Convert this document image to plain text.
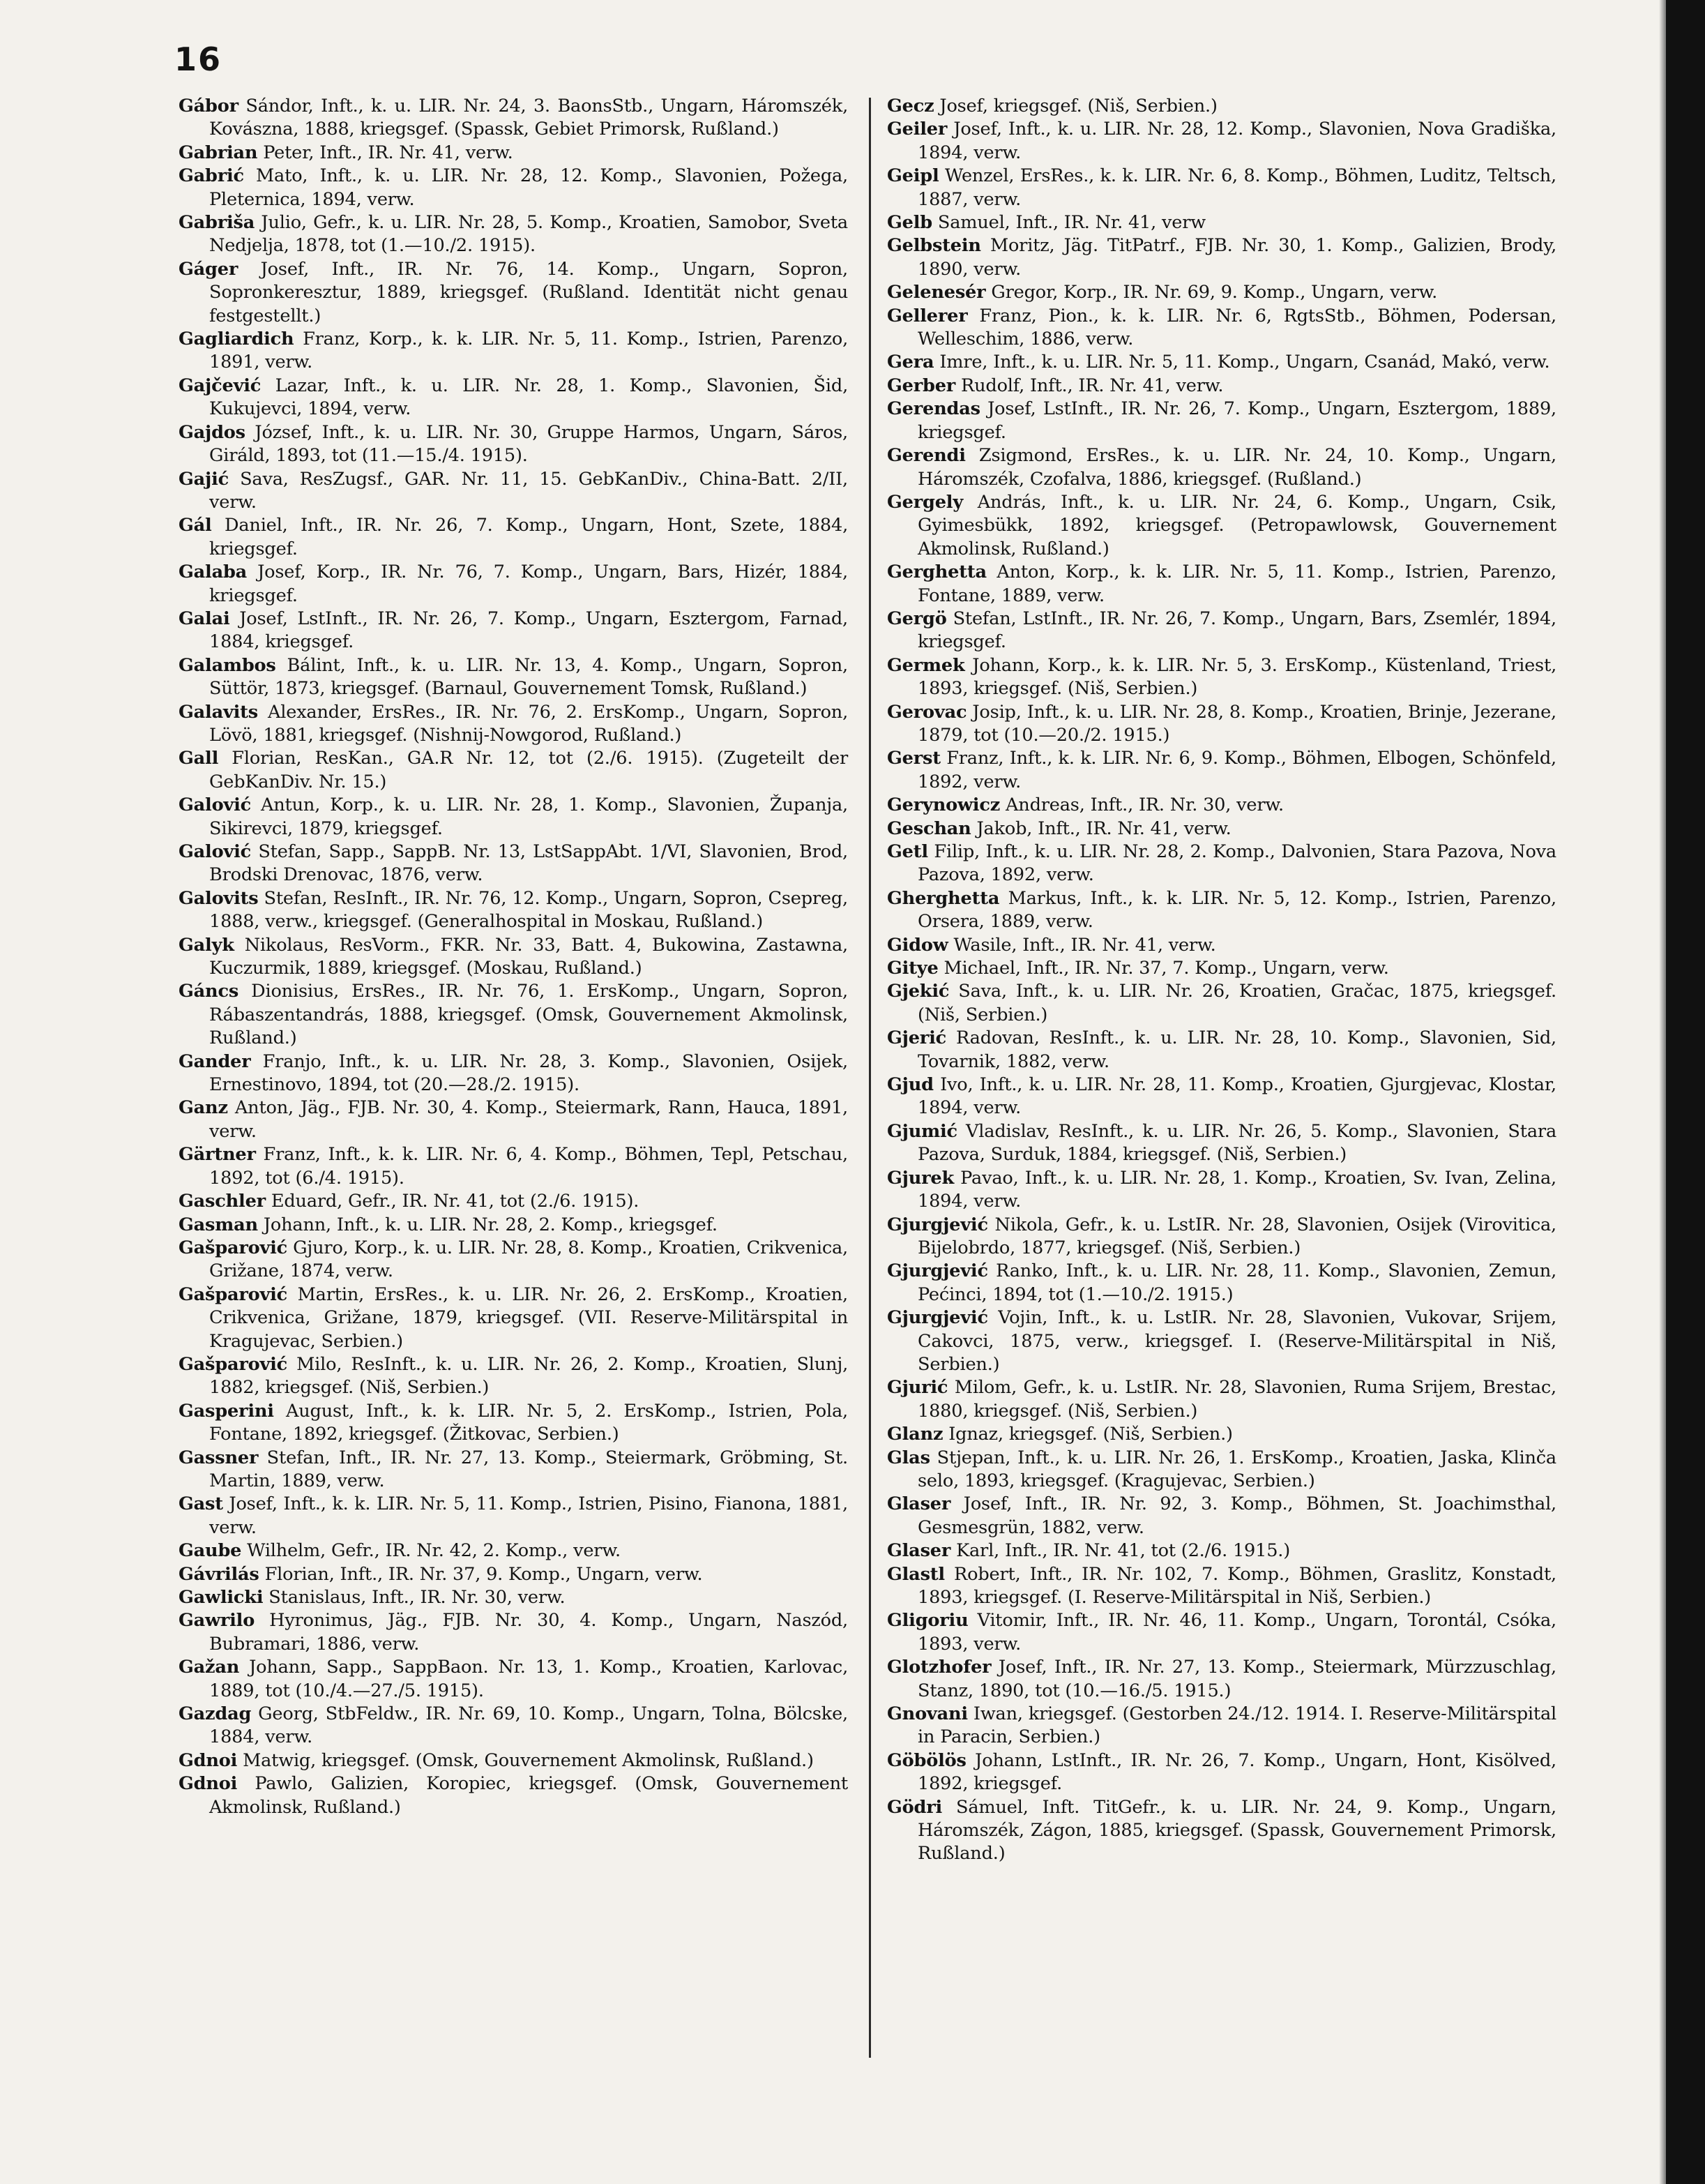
16

Gábor Sándor, Inft., k. u. LIR. Nr. 24, 3. BaonsStb., Ungarn, Háromszék, Kovászna, 1888, kriegsgef. (Spassk, Gebiet Primorsk, Rußland.)

Gabrian Peter, Inft., IR. Nr. 41, verw.

Gabrić Mato, Inft., k. u. LIR. Nr. 28, 12. Komp., Slavonien, Požega, Pleternica, 1894, verw.

Gabriša Julio, Gefr., k. u. LIR. Nr. 28, 5. Komp., Kroatien, Samobor, Sveta Nedjelja, 1878, tot (1.—10./2. 1915).

Gáger Josef, Inft., IR. Nr. 76, 14. Komp., Ungarn, Sopron, Sopronkeresztur, 1889, kriegsgef. (Rußland. Identität nicht genau festgestellt.)

Gagliardich Franz, Korp., k. k. LIR. Nr. 5, 11. Komp., Istrien, Parenzo, 1891, verw.

Gajčević Lazar, Inft., k. u. LIR. Nr. 28, 1. Komp., Slavonien, Šid, Kukujevci, 1894, verw.

Gajdos József, Inft., k. u. LIR. Nr. 30, Gruppe Harmos, Ungarn, Sáros, Giráld, 1893, tot (11.—15./4. 1915).

Gajić Sava, ResZugsf., GAR. Nr. 11, 15. GebKanDiv., China-Batt. 2/II, verw.

Gál Daniel, Inft., IR. Nr. 26, 7. Komp., Ungarn, Hont, Szete, 1884, kriegsgef.

Galaba Josef, Korp., IR. Nr. 76, 7. Komp., Ungarn, Bars, Hizér, 1884, kriegsgef.

Galai Josef, LstInft., IR. Nr. 26, 7. Komp., Ungarn, Esztergom, Farnad, 1884, kriegsgef.

Galambos Bálint, Inft., k. u. LIR. Nr. 13, 4. Komp., Ungarn, Sopron, Süttör, 1873, kriegsgef. (Barnaul, Gouvernement Tomsk, Rußland.)

Galavits Alexander, ErsRes., IR. Nr. 76, 2. ErsKomp., Ungarn, Sopron, Lövö, 1881, kriegsgef. (Nishnij-Nowgorod, Rußland.)

Gall Florian, ResKan., GA.R Nr. 12, tot (2./6. 1915). (Zugeteilt der GebKanDiv. Nr. 15.)

Galović Antun, Korp., k. u. LIR. Nr. 28, 1. Komp., Slavonien, Županja, Sikirevci, 1879, kriegsgef.

Galović Stefan, Sapp., SappB. Nr. 13, LstSappAbt. 1/VI, Slavonien, Brod, Brodski Drenovac, 1876, verw.

Galovits Stefan, ResInft., IR. Nr. 76, 12. Komp., Ungarn, Sopron, Csepreg, 1888, verw., kriegsgef. (Generalhospital in Moskau, Rußland.)

Galyk Nikolaus, ResVorm., FKR. Nr. 33, Batt. 4, Bukowina, Zastawna, Kuczurmik, 1889, kriegsgef. (Moskau, Rußland.)

Gáncs Dionisius, ErsRes., IR. Nr. 76, 1. ErsKomp., Ungarn, Sopron, Rábaszentandrás, 1888, kriegsgef. (Omsk, Gouvernement Akmolinsk, Rußland.)

Gander Franjo, Inft., k. u. LIR. Nr. 28, 3. Komp., Slavonien, Osijek, Ernestinovo, 1894, tot (20.—28./2. 1915).

Ganz Anton, Jäg., FJB. Nr. 30, 4. Komp., Steiermark, Rann, Hauca, 1891, verw.

Gärtner Franz, Inft., k. k. LIR. Nr. 6, 4. Komp., Böhmen, Tepl, Petschau, 1892, tot (6./4. 1915).

Gaschler Eduard, Gefr., IR. Nr. 41, tot (2./6. 1915).

Gasman Johann, Inft., k. u. LIR. Nr. 28, 2. Komp., kriegsgef.

Gašparović Gjuro, Korp., k. u. LIR. Nr. 28, 8. Komp., Kroatien, Crikvenica, Grižane, 1874, verw.

Gašparović Martin, ErsRes., k. u. LIR. Nr. 26, 2. ErsKomp., Kroatien, Crikvenica, Grižane, 1879, kriegsgef. (VII. Reserve-Militärspital in Kragujevac, Serbien.)

Gašparović Milo, ResInft., k. u. LIR. Nr. 26, 2. Komp., Kroatien, Slunj, 1882, kriegsgef. (Niš, Serbien.)

Gasperini August, Inft., k. k. LIR. Nr. 5, 2. ErsKomp., Istrien, Pola, Fontane, 1892, kriegsgef. (Žitkovac, Serbien.)

Gassner Stefan, Inft., IR. Nr. 27, 13. Komp., Steiermark, Gröbming, St. Martin, 1889, verw.

Gast Josef, Inft., k. k. LIR. Nr. 5, 11. Komp., Istrien, Pisino, Fianona, 1881, verw.

Gaube Wilhelm, Gefr., IR. Nr. 42, 2. Komp., verw.

Gávrilás Florian, Inft., IR. Nr. 37, 9. Komp., Ungarn, verw.

Gawlicki Stanislaus, Inft., IR. Nr. 30, verw.

Gawrilo Hyronimus, Jäg., FJB. Nr. 30, 4. Komp., Ungarn, Naszód, Bubramari, 1886, verw.

Gažan Johann, Sapp., SappBaon. Nr. 13, 1. Komp., Kroatien, Karlovac, 1889, tot (10./4.—27./5. 1915).

Gazdag Georg, StbFeldw., IR. Nr. 69, 10. Komp., Ungarn, Tolna, Bölcske, 1884, verw.

Gdnoi Matwig, kriegsgef. (Omsk, Gouvernement Akmolinsk, Rußland.)

Gdnoi Pawlo, Galizien, Koropiec, kriegsgef. (Omsk, Gouvernement Akmolinsk, Rußland.)

Gecz Josef, kriegsgef. (Niš, Serbien.)

Geiler Josef, Inft., k. u. LIR. Nr. 28, 12. Komp., Slavonien, Nova Gradiška, 1894, verw.

Geipl Wenzel, ErsRes., k. k. LIR. Nr. 6, 8. Komp., Böhmen, Luditz, Teltsch, 1887, verw.

Gelb Samuel, Inft., IR. Nr. 41, verw

Gelbstein Moritz, Jäg. TitPatrf., FJB. Nr. 30, 1. Komp., Galizien, Brody, 1890, verw.

Gelenesér Gregor, Korp., IR. Nr. 69, 9. Komp., Ungarn, verw.

Gellerer Franz, Pion., k. k. LIR. Nr. 6, RgtsStb., Böhmen, Podersan, Welleschim, 1886, verw.

Gera Imre, Inft., k. u. LIR. Nr. 5, 11. Komp., Ungarn, Csanád, Makó, verw.

Gerber Rudolf, Inft., IR. Nr. 41, verw.

Gerendas Josef, LstInft., IR. Nr. 26, 7. Komp., Ungarn, Esztergom, 1889, kriegsgef.

Gerendi Zsigmond, ErsRes., k. u. LIR. Nr. 24, 10. Komp., Ungarn, Háromszék, Czofalva, 1886, kriegsgef. (Rußland.)

Gergely András, Inft., k. u. LIR. Nr. 24, 6. Komp., Ungarn, Csik, Gyimesbükk, 1892, kriegsgef. (Petropawlowsk, Gouvernement Akmolinsk, Rußland.)

Gerghetta Anton, Korp., k. k. LIR. Nr. 5, 11. Komp., Istrien, Parenzo, Fontane, 1889, verw.

Gergö Stefan, LstInft., IR. Nr. 26, 7. Komp., Ungarn, Bars, Zsemlér, 1894, kriegsgef.

Germek Johann, Korp., k. k. LIR. Nr. 5, 3. ErsKomp., Küstenland, Triest, 1893, kriegsgef. (Niš, Serbien.)

Gerovac Josip, Inft., k. u. LIR. Nr. 28, 8. Komp., Kroatien, Brinje, Jezerane, 1879, tot (10.—20./2. 1915.)

Gerst Franz, Inft., k. k. LIR. Nr. 6, 9. Komp., Böhmen, Elbogen, Schönfeld, 1892, verw.

Gerynowicz Andreas, Inft., IR. Nr. 30, verw.

Geschan Jakob, Inft., IR. Nr. 41, verw.

Getl Filip, Inft., k. u. LIR. Nr. 28, 2. Komp., Dalvonien, Stara Pazova, Nova Pazova, 1892, verw.

Gherghetta Markus, Inft., k. k. LIR. Nr. 5, 12. Komp., Istrien, Parenzo, Orsera, 1889, verw.

Gidow Wasile, Inft., IR. Nr. 41, verw.

Gitye Michael, Inft., IR. Nr. 37, 7. Komp., Ungarn, verw.

Gjekić Sava, Inft., k. u. LIR. Nr. 26, Kroatien, Gračac, 1875, kriegsgef. (Niš, Serbien.)

Gjerić Radovan, ResInft., k. u. LIR. Nr. 28, 10. Komp., Slavonien, Sid, Tovarnik, 1882, verw.

Gjud Ivo, Inft., k. u. LIR. Nr. 28, 11. Komp., Kroatien, Gjurgjevac, Klostar, 1894, verw.

Gjumić Vladislav, ResInft., k. u. LIR. Nr. 26, 5. Komp., Slavonien, Stara Pazova, Surduk, 1884, kriegsgef. (Niš, Serbien.)

Gjurek Pavao, Inft., k. u. LIR. Nr. 28, 1. Komp., Kroatien, Sv. Ivan, Zelina, 1894, verw.

Gjurgjević Nikola, Gefr., k. u. LstIR. Nr. 28, Slavonien, Osijek (Virovitica, Bijelobrdo, 1877, kriegsgef. (Niš, Serbien.)

Gjurgjević Ranko, Inft., k. u. LIR. Nr. 28, 11. Komp., Slavonien, Zemun, Pećinci, 1894, tot (1.—10./2. 1915.)

Gjurgjević Vojin, Inft., k. u. LstIR. Nr. 28, Slavonien, Vukovar, Srijem, Cakovci, 1875, verw., kriegsgef. I. (Reserve-Militärspital in Niš, Serbien.)

Gjurić Milom, Gefr., k. u. LstIR. Nr. 28, Slavonien, Ruma Srijem, Brestac, 1880, kriegsgef. (Niš, Serbien.)

Glanz Ignaz, kriegsgef. (Niš, Serbien.)

Glas Stjepan, Inft., k. u. LIR. Nr. 26, 1. ErsKomp., Kroatien, Jaska, Klinča selo, 1893, kriegsgef. (Kragujevac, Serbien.)

Glaser Josef, Inft., IR. Nr. 92, 3. Komp., Böhmen, St. Joachimsthal, Gesmesgrün, 1882, verw.

Glaser Karl, Inft., IR. Nr. 41, tot (2./6. 1915.)

Glastl Robert, Inft., IR. Nr. 102, 7. Komp., Böhmen, Graslitz, Konstadt, 1893, kriegsgef. (I. Reserve-Militärspital in Niš, Serbien.)

Gligoriu Vitomir, Inft., IR. Nr. 46, 11. Komp., Ungarn, Torontál, Csóka, 1893, verw.

Glotzhofer Josef, Inft., IR. Nr. 27, 13. Komp., Steiermark, Mürzzuschlag, Stanz, 1890, tot (10.—16./5. 1915.)

Gnovani Iwan, kriegsgef. (Gestorben 24./12. 1914. I. Reserve-Militärspital in Paracin, Serbien.)

Göbölös Johann, LstInft., IR. Nr. 26, 7. Komp., Ungarn, Hont, Kisölved, 1892, kriegsgef.

Gödri Sámuel, Inft. TitGefr., k. u. LIR. Nr. 24, 9. Komp., Ungarn, Háromszék, Zágon, 1885, kriegsgef. (Spassk, Gouvernement Primorsk, Rußland.)
